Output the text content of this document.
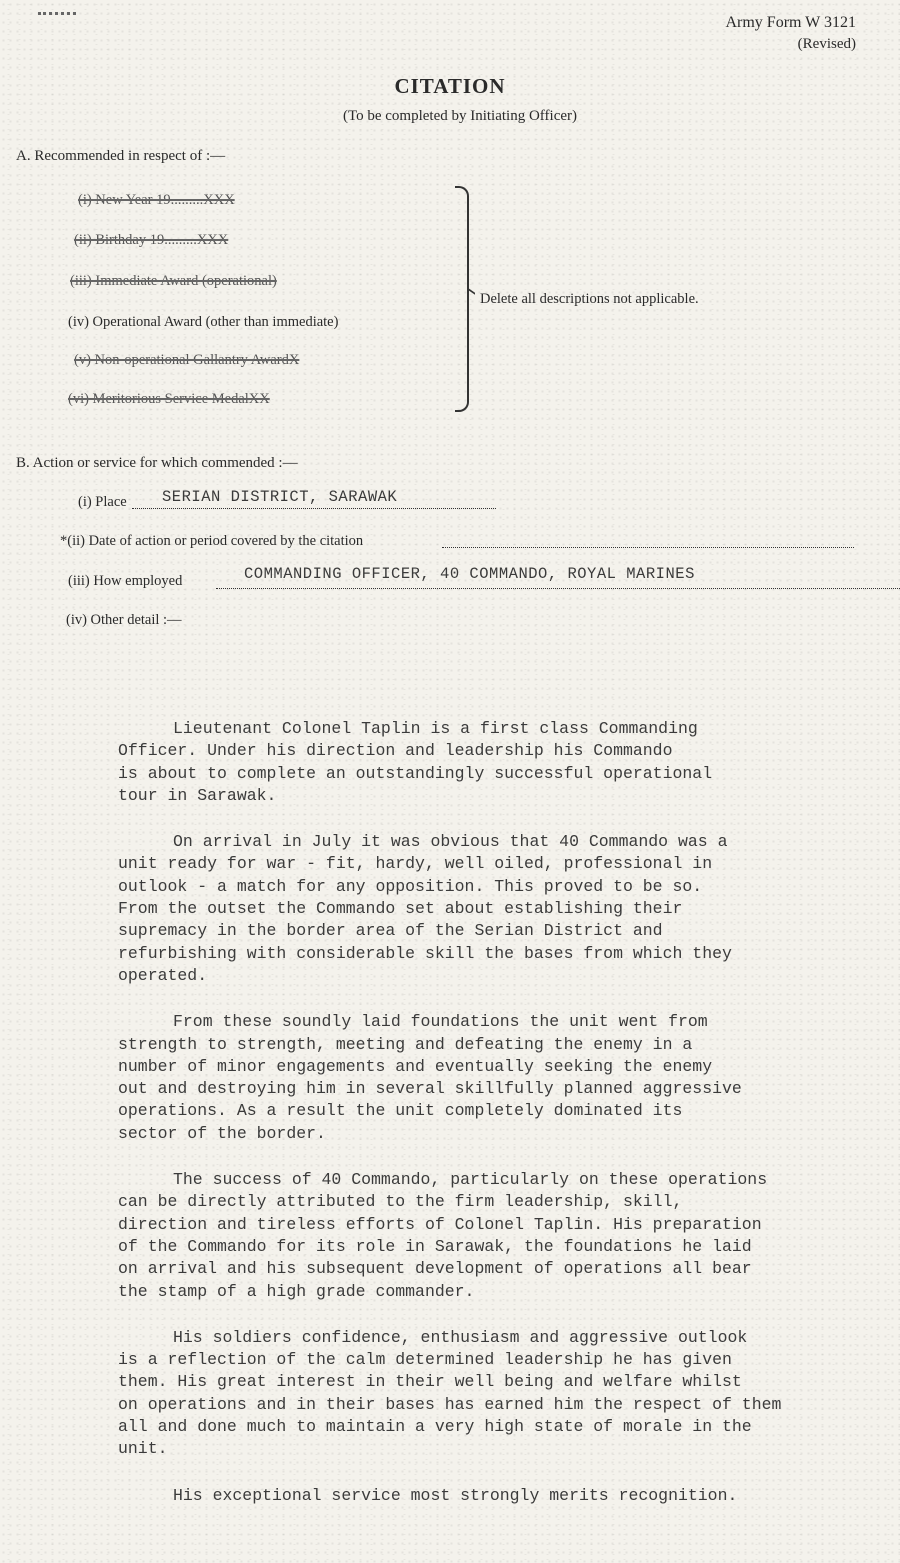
Army Form W 3121
(Revised)
CITATION
(To be completed by Initiating Officer)
A. Recommended in respect of :—
(i) New Year 19.........XXX
(ii) Birthday 19.........XXX
(iii) Immediate Award (operational)
(iv) Operational Award (other than immediate)
(v) Non-operational Gallantry AwardX
(vi) Meritorious Service MedalXX
Delete all descriptions not applicable.
B. Action or service for which commended :—
(i) Place SERIAN DISTRICT, SARAWAK
*(ii) Date of action or period covered by the citation
(iii) How employed	COMMANDING OFFICER, 40 COMMANDO, ROYAL MARINES
(iv) Other detail :—

Lieutenant Colonel Taplin is a first class Commanding
Officer. Under his direction and leadership his Commando
is about to complete an outstandingly successful operational
tour in Sarawak.

On arrival in July it was obvious that 40 Commando was a
unit ready for war - fit, hardy, well oiled, professional in
outlook - a match for any opposition. This proved to be so.
From the outset the Commando set about establishing their
supremacy in the border area of the Serian District and
refurbishing with considerable skill the bases from which they
operated.

From these soundly laid foundations the unit went from
strength to strength, meeting and defeating the enemy in a
number of minor engagements and eventually seeking the enemy
out and destroying him in several skillfully planned aggressive
operations. As a result the unit completely dominated its
sector of the border.

The success of 40 Commando, particularly on these operations
can be directly attributed to the firm leadership, skill,
direction and tireless efforts of Colonel Taplin. His preparation
of the Commando for its role in Sarawak, the foundations he laid
on arrival and his subsequent development of operations all bear
the stamp of a high grade commander.

His soldiers confidence, enthusiasm and aggressive outlook
is a reflection of the calm determined leadership he has given
them. His great interest in their well being and welfare whilst
on operations and in their bases has earned him the respect of them
all and done much to maintain a very high state of morale in the
unit.

His exceptional service most strongly merits recognition.
